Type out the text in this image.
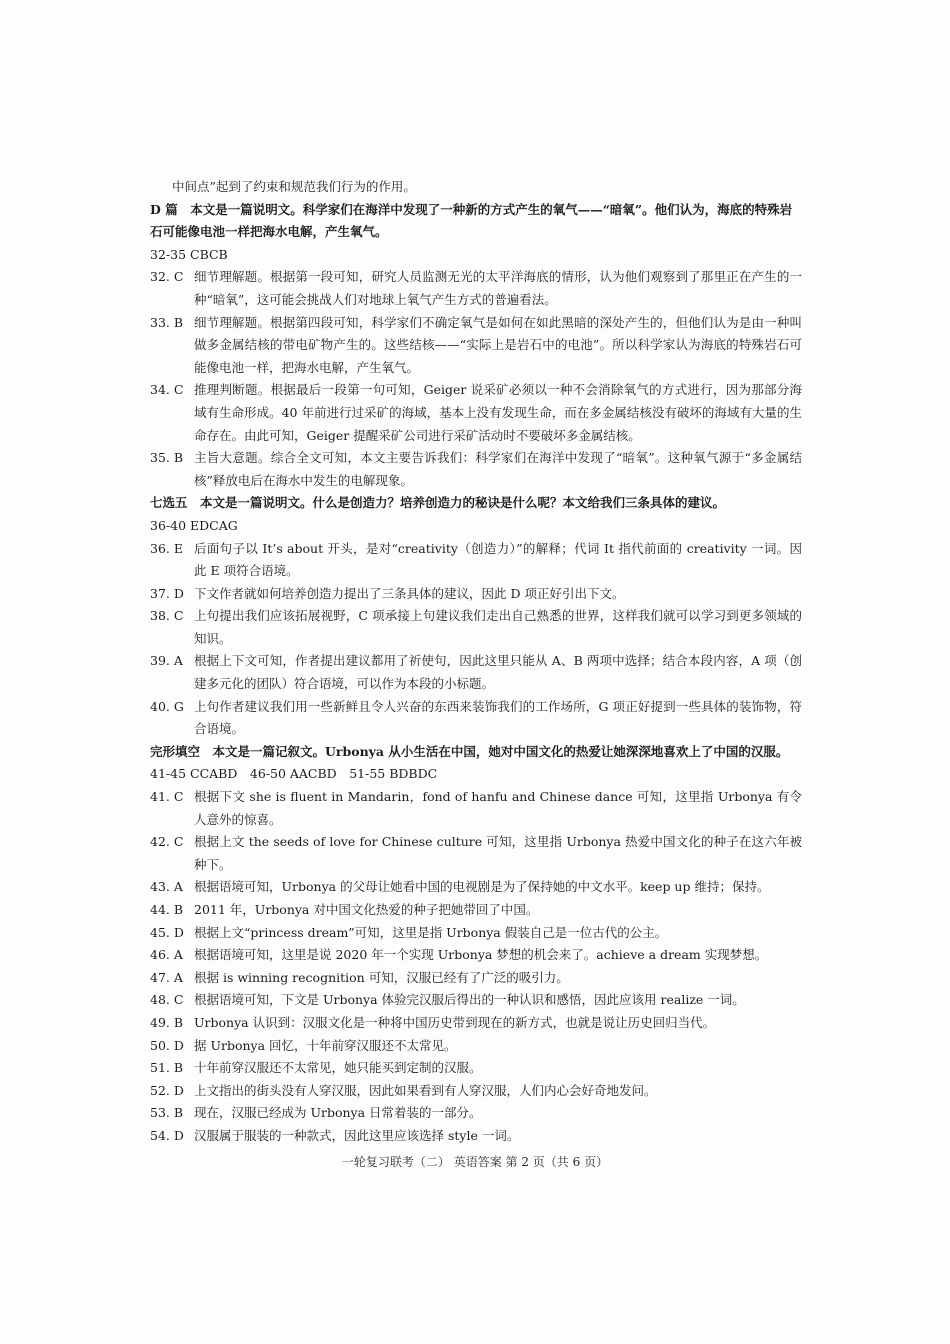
中间点”起到了约束和规范我们行为的作用。

D 篇　本文是一篇说明文。科学家们在海洋中发现了一种新的方式产生的氧气——“暗氧”。他们认为，海底的特殊岩石可能像电池一样把海水电解，产生氧气。

32-35 CBCB

32. C 细节理解题。根据第一段可知，研究人员监测无光的太平洋海底的情形，认为他们观察到了那里正在产生的一种“暗氧”，这可能会挑战人们对地球上氧气产生方式的普遍看法。
33. B 细节理解题。根据第四段可知，科学家们不确定氧气是如何在如此黑暗的深处产生的，但他们认为是由一种叫做多金属结核的带电矿物产生的。这些结核——“实际上是岩石中的电池”。所以科学家认为海底的特殊岩石可能像电池一样，把海水电解，产生氧气。
34. C 推理判断题。根据最后一段第一句可知，Geiger 说采矿必须以一种不会消除氧气的方式进行，因为那部分海域有生命形成。40 年前进行过采矿的海域，基本上没有发现生命，而在多金属结核没有破坏的海域有大量的生命存在。由此可知，Geiger 提醒采矿公司进行采矿活动时不要破坏多金属结核。
35. B 主旨大意题。综合全文可知，本文主要告诉我们：科学家们在海洋中发现了“暗氧”。这种氧气源于“多金属结核”释放电后在海水中发生的电解现象。

七选五　本文是一篇说明文。什么是创造力？培养创造力的秘诀是什么呢？本文给我们三条具体的建议。

36-40 EDCAG

36. E 后面句子以 It’s about 开头，是对“creativity（创造力）”的解释；代词 It 指代前面的 creativity 一词。因此 E 项符合语境。
37. D 下文作者就如何培养创造力提出了三条具体的建议，因此 D 项正好引出下文。
38. C 上句提出我们应该拓展视野，C 项承接上句建议我们走出自己熟悉的世界，这样我们就可以学习到更多领域的知识。
39. A 根据上下文可知，作者提出建议都用了祈使句，因此这里只能从 A、B 两项中选择；结合本段内容，A 项（创建多元化的团队）符合语境，可以作为本段的小标题。
40. G 上句作者建议我们用一些新鲜且令人兴奋的东西来装饰我们的工作场所，G 项正好提到一些具体的装饰物，符合语境。

完形填空　本文是一篇记叙文。Urbonya 从小生活在中国，她对中国文化的热爱让她深深地喜欢上了中国的汉服。

41-45 CCABD　46-50 AACBD　51-55 BDBDC

41. C 根据下文 she is fluent in Mandarin，fond of hanfu and Chinese dance 可知，这里指 Urbonya 有令人意外的惊喜。
42. C 根据上文 the seeds of love for Chinese culture 可知，这里指 Urbonya 热爱中国文化的种子在这六年被种下。
43. A 根据语境可知，Urbonya 的父母让她看中国的电视剧是为了保持她的中文水平。keep up 维持；保持。
44. B 2011 年，Urbonya 对中国文化热爱的种子把她带回了中国。
45. D 根据上文“princess dream”可知，这里是指 Urbonya 假装自己是一位古代的公主。
46. A 根据语境可知，这里是说 2020 年一个实现 Urbonya 梦想的机会来了。achieve a dream 实现梦想。
47. A 根据 is winning recognition 可知，汉服已经有了广泛的吸引力。
48. C 根据语境可知，下文是 Urbonya 体验完汉服后得出的一种认识和感悟，因此应该用 realize 一词。
49. B Urbonya 认识到：汉服文化是一种将中国历史带到现在的新方式，也就是说让历史回归当代。
50. D 据 Urbonya 回忆，十年前穿汉服还不太常见。
51. B 十年前穿汉服还不太常见，她只能买到定制的汉服。
52. D 上文指出的街头没有人穿汉服，因此如果看到有人穿汉服，人们内心会好奇地发问。
53. B 现在，汉服已经成为 Urbonya 日常着装的一部分。
54. D 汉服属于服装的一种款式，因此这里应该选择 style 一词。
一轮复习联考（二） 英语答案 第 2 页（共 6 页）
